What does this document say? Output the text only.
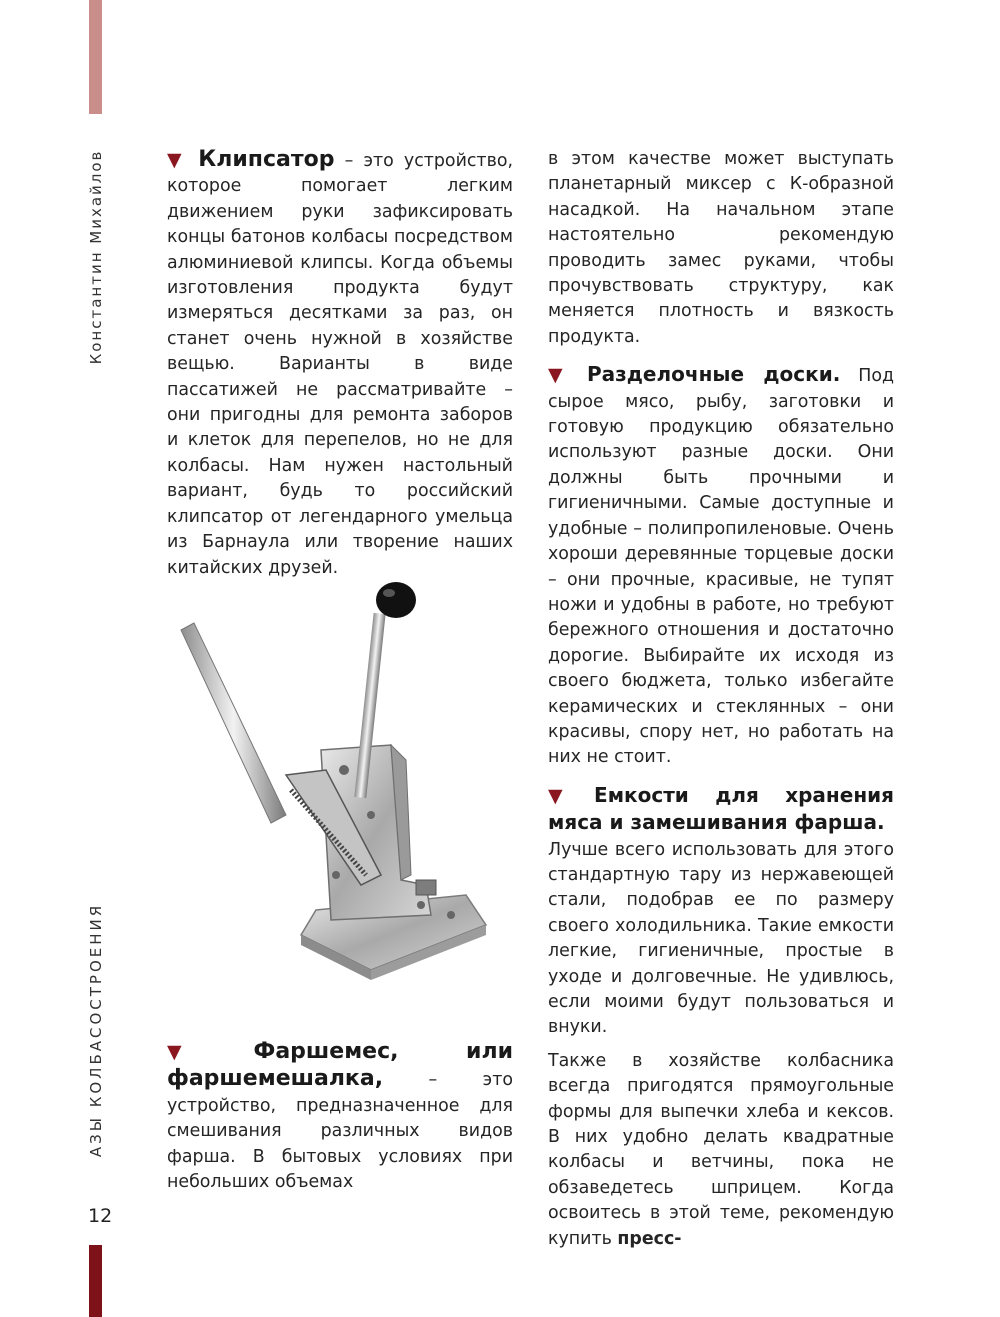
Константин Михайлов
АЗЫ КОЛБАСОСТРОЕНИЯ
12

▼ Клипсатор – это устройство, которое помогает легким движением руки зафиксировать концы батонов колбасы посредством алюминиевой клипсы. Когда объемы изготовления продукта будут измеряться десятками за раз, он станет очень нужной в хозяйстве вещью. Варианты в виде пассатижей не рассматривайте – они пригодны для ремонта заборов и клеток для перепелов, но не для колбасы. Нам нужен настольный вариант, будь то российский клипсатор от легендарного умельца из Барнаула или творение наших китайских друзей.

▼ Фаршемес, или фаршемешалка, – это устройство, предназначенное для смешивания различных видов фарша. В бытовых условиях при небольших объемах

в этом качестве может выступать планетарный миксер с К-образной насадкой. На начальном этапе настоятельно рекомендую проводить замес руками, чтобы прочувствовать структуру, как меняется плотность и вязкость продукта.

▼ Разделочные доски. Под сырое мясо, рыбу, заготовки и готовую продукцию обязательно используют разные доски. Они должны быть прочными и гигиеничными. Самые доступные и удобные – полипропиленовые. Очень хороши деревянные торцевые доски – они прочные, красивые, не тупят ножи и удобны в работе, но требуют бережного отношения и достаточно дорогие. Выбирайте их исходя из своего бюджета, только избегайте керамических и стеклянных – они красивы, спору нет, но работать на них не стоит.

▼ Емкости для хранения мяса и замешивания фарша.

Лучше всего использовать для этого стандартную тару из нержавеющей стали, подобрав ее по размеру своего холодильника. Такие емкости легкие, гигиеничные, простые в уходе и долговечные. Не удивлюсь, если моими будут пользоваться и внуки.

Также в хозяйстве колбасника всегда пригодятся прямоугольные формы для выпечки хлеба и кексов. В них удобно делать квадратные колбасы и ветчины, пока не обзаведетесь шприцем. Когда освоитесь в этой теме, рекомендую купить пресс-
